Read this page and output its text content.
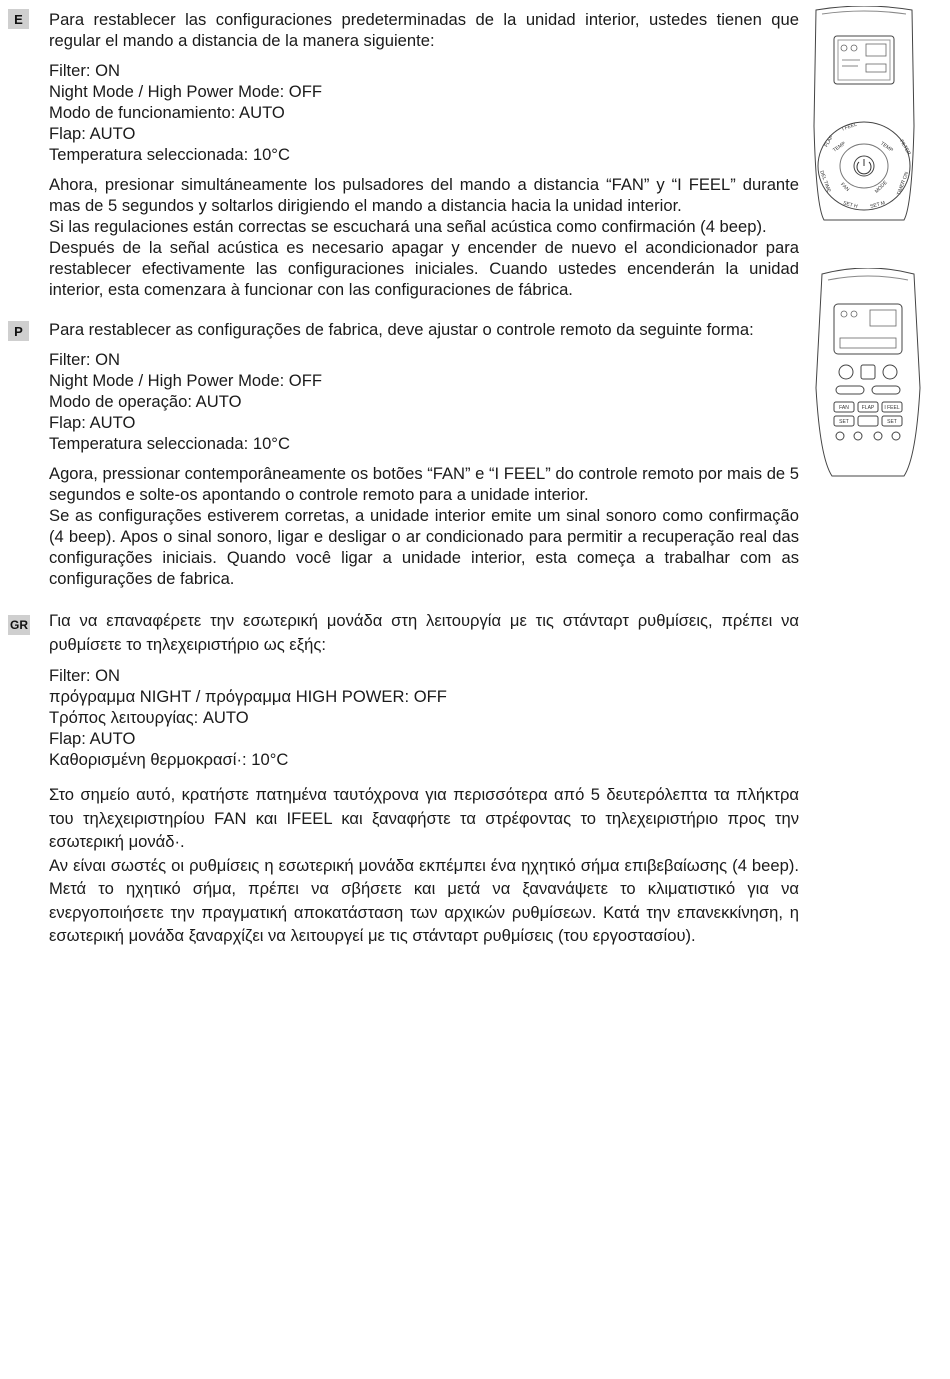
E	Para restablecer las configuraciones predeterminadas de la unidad interior, ustedes tienen que regular el mando a distancia de la manera siguiente:

Filter: ON

Night Mode / High Power Mode: OFF

Modo de funcionamiento: AUTO

Flap: AUTO

Temperatura seleccionada: 10°C

Ahora, presionar simultáneamente los pulsadores del mando a distancia “FAN” y “I FEEL” durante mas de 5 segundos y soltarlos dirigiendo el mando a distancia hacia la unidad interior.

Si las regulaciones están correctas se escuchará una señal acústica como confirmación (4 beep).

Después de la señal acústica es necesario apagar y encender de nuevo el acondicionador para restablecer efectivamente las configuraciones iniciales. Cuando ustedes encenderán la unidad interior, esta comenzara à funcionar con las configuraciones de fábrica.

P	Para restablecer as configurações de fabrica, deve ajustar o controle remoto da seguinte forma:

Filter: ON

Night Mode / High Power Mode: OFF

Modo de operação: AUTO

Flap: AUTO

Temperatura seleccionada: 10°C

Agora, pressionar contemporâneamente os botões “FAN” e “I FEEL” do controle remoto por mais de 5 segundos e solte-os apontando o controle remoto para a unidade interior.

Se as configurações estiverem corretas, a unidade interior emite um sinal sonoro como confirmação (4 beep). Apos o sinal sonoro, ligar e desligar o ar condicionado para permitir a recuperação real das configurações iniciais. Quando você ligar a unidade interior, esta começa a trabalhar com as configurações de fabrica.

GR Για να επαναφέρετε την εσωτερική μονάδα στη λειτουργία με τις στάνταρτ ρυθμίσεις, πρέπει να ρυθμίσετε το τηλεχειριστήριο ως εξής:

Filter: ON

πρόγραμμα NIGHT / πρόγραμμα HIGH POWER: OFF

Τρόπος λειτουργίας: AUTO

Flap: AUTO

Καθορισμένη θερμοκρασί·: 10°C

Στο σημείο αυτό, κρατήστε πατημένα ταυτόχρονα για περισσότερα από 5 δευτερόλεπτα τα πλήκτρα του τηλεχειριστηρίου FAN και IFEEL και ξαναφήστε τα στρέφοντας το τηλεχειριστήριο προς την εσωτερική μονάδ·.

Αν είναι σωστές οι ρυθμίσεις η εσωτερική μονάδα εκπέμπει ένα ηχητικό σήμα επιβεβαίωσης (4 beep). Μετά το ηχητικό σήμα, πρέπει να σβήσετε και μετά να ξανανάψετε το κλιματιστικό για να ενεργοποιήσετε την πραγματική αποκατάσταση των αρχικών ρυθμίσεων. Κατά την επανεκκίνηση, η εσωτερική μονάδα ξαναρχίζει να λειτουργεί με τις στάνταρτ ρυθμίσεις (του εργοστασίου).

FLAP
I FEEL
TEMP	TEMP FILTER
DEL TIME FAN	MODE TIMER ON
SET H SET M
FAN	FLAP I FEEL
SET	SET
